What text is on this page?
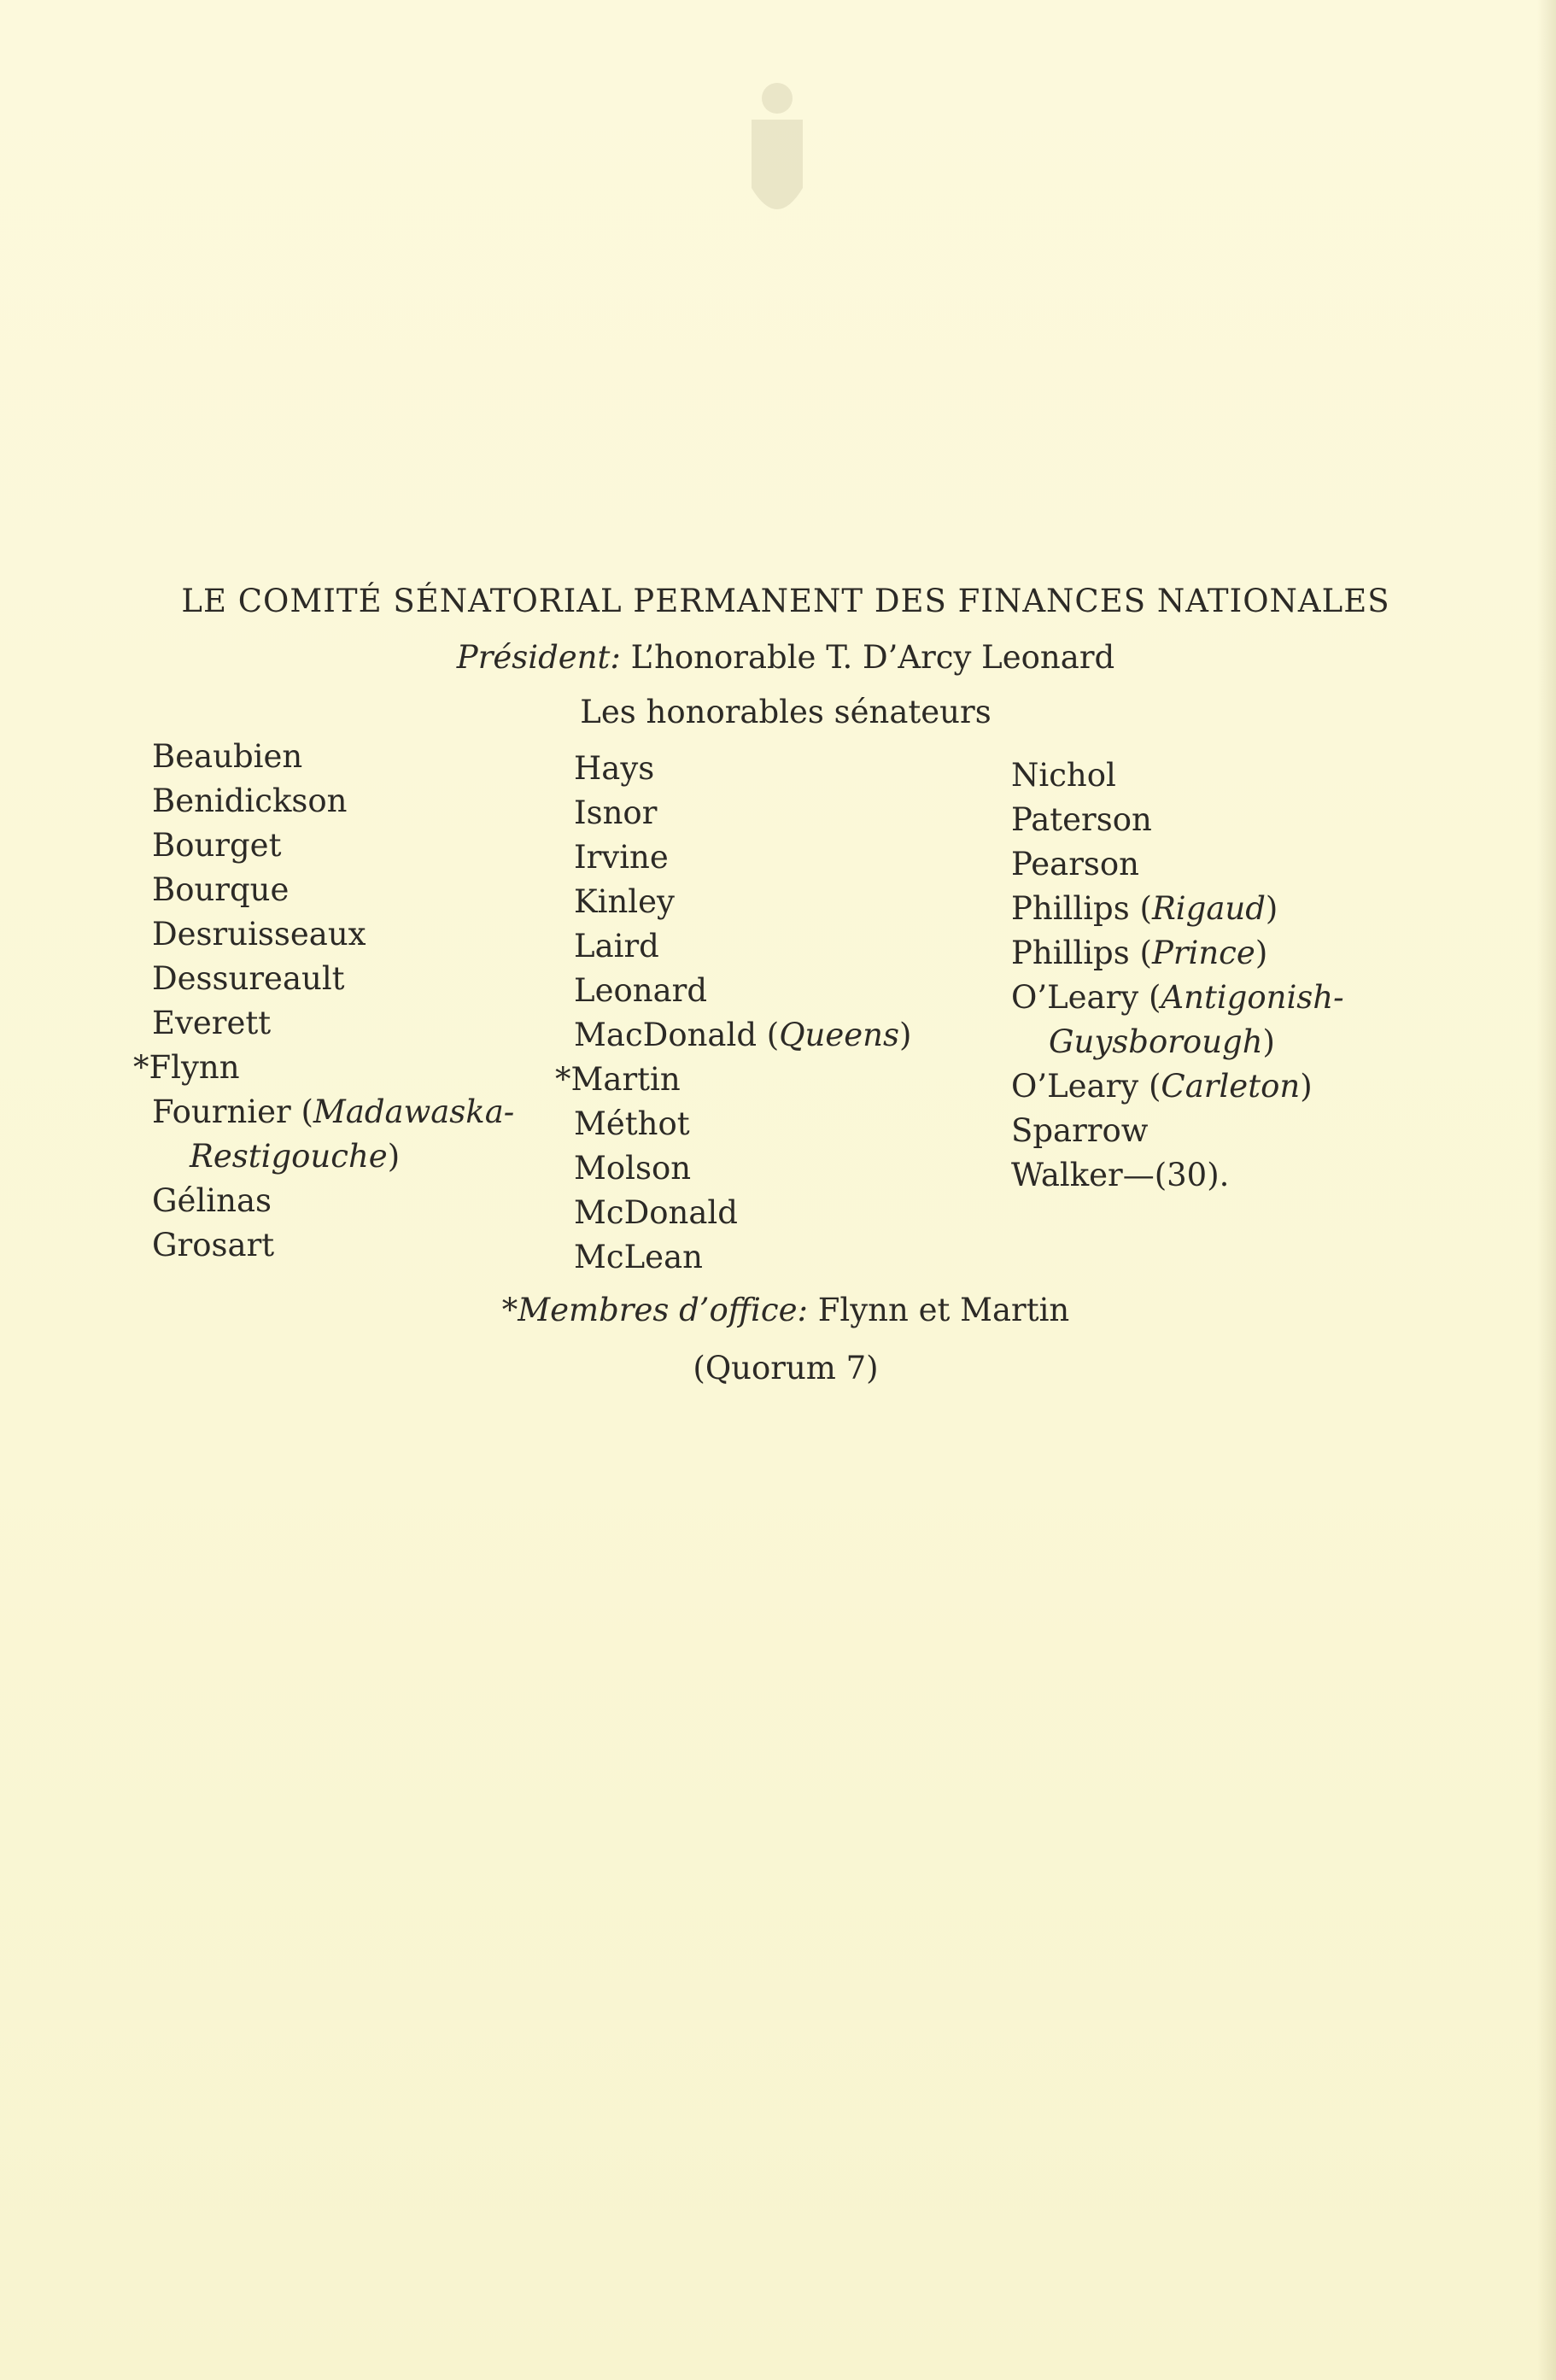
LE COMITÉ SÉNATORIAL PERMANENT DES FINANCES NATIONALES
Président: L’honorable T. D’Arcy Leonard
Les honorables sénateurs
Beaubien
Benidickson
Bourget
Bourque
Desruisseaux
Dessureault
Everett
*Flynn
Fournier (Madawaska-
Restigouche)
Gélinas
Grosart
Hays
Isnor
Irvine
Kinley
Laird
Leonard
MacDonald (Queens)
*Martin
Méthot
Molson
McDonald
McLean
Nichol
Paterson
Pearson
Phillips (Rigaud)
Phillips (Prince)
O’Leary (Antigonish-
Guysborough)
O’Leary (Carleton)
Sparrow
Walker—(30).
*Membres d’office: Flynn et Martin
(Quorum 7)
